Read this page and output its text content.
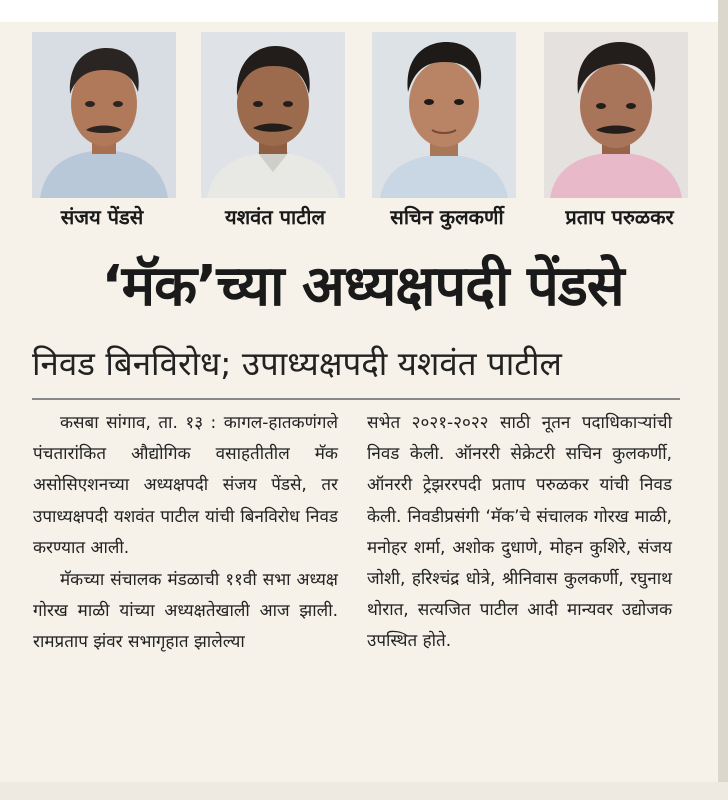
संजय पेंडसे	यशवंत पाटील	सचिन कुलकर्णी	प्रताप परुळकर
‘मॅक’च्या अध्यक्षपदी पेंडसे
निवड बिनविरोध; उपाध्यक्षपदी यशवंत पाटील

कसबा सांगाव, ता. १३ : कागल-हातकणंगले पंचतारांकित औद्योगिक वसाहतीतील मॅक असोसिएशनच्या अध्यक्षपदी संजय पेंडसे, तर उपाध्यक्षपदी यशवंत पाटील यांची बिनविरोध निवड करण्यात आली.

मॅकच्या संचालक मंडळाची ११वी सभा अध्यक्ष गोरख माळी यांच्या अध्यक्षतेखाली आज झाली. रामप्रताप झंवर सभागृहात झालेल्या

सभेत २०२१-२०२२ साठी नूतन पदाधिकाऱ्यांची निवड केली. ऑनररी सेक्रेटरी सचिन कुलकर्णी, ऑनररी ट्रेझररपदी प्रताप परुळकर यांची निवड केली. निवडीप्रसंगी ‘मॅक’चे संचालक गोरख माळी, मनोहर शर्मा, अशोक दुधाणे, मोहन कुशिरे, संजय जोशी, हरिश्‍चंद्र धोत्रे, श्रीनिवास कुलकर्णी, रघुनाथ थोरात, सत्यजित पाटील आदी मान्यवर उद्योजक उपस्थित होते.
